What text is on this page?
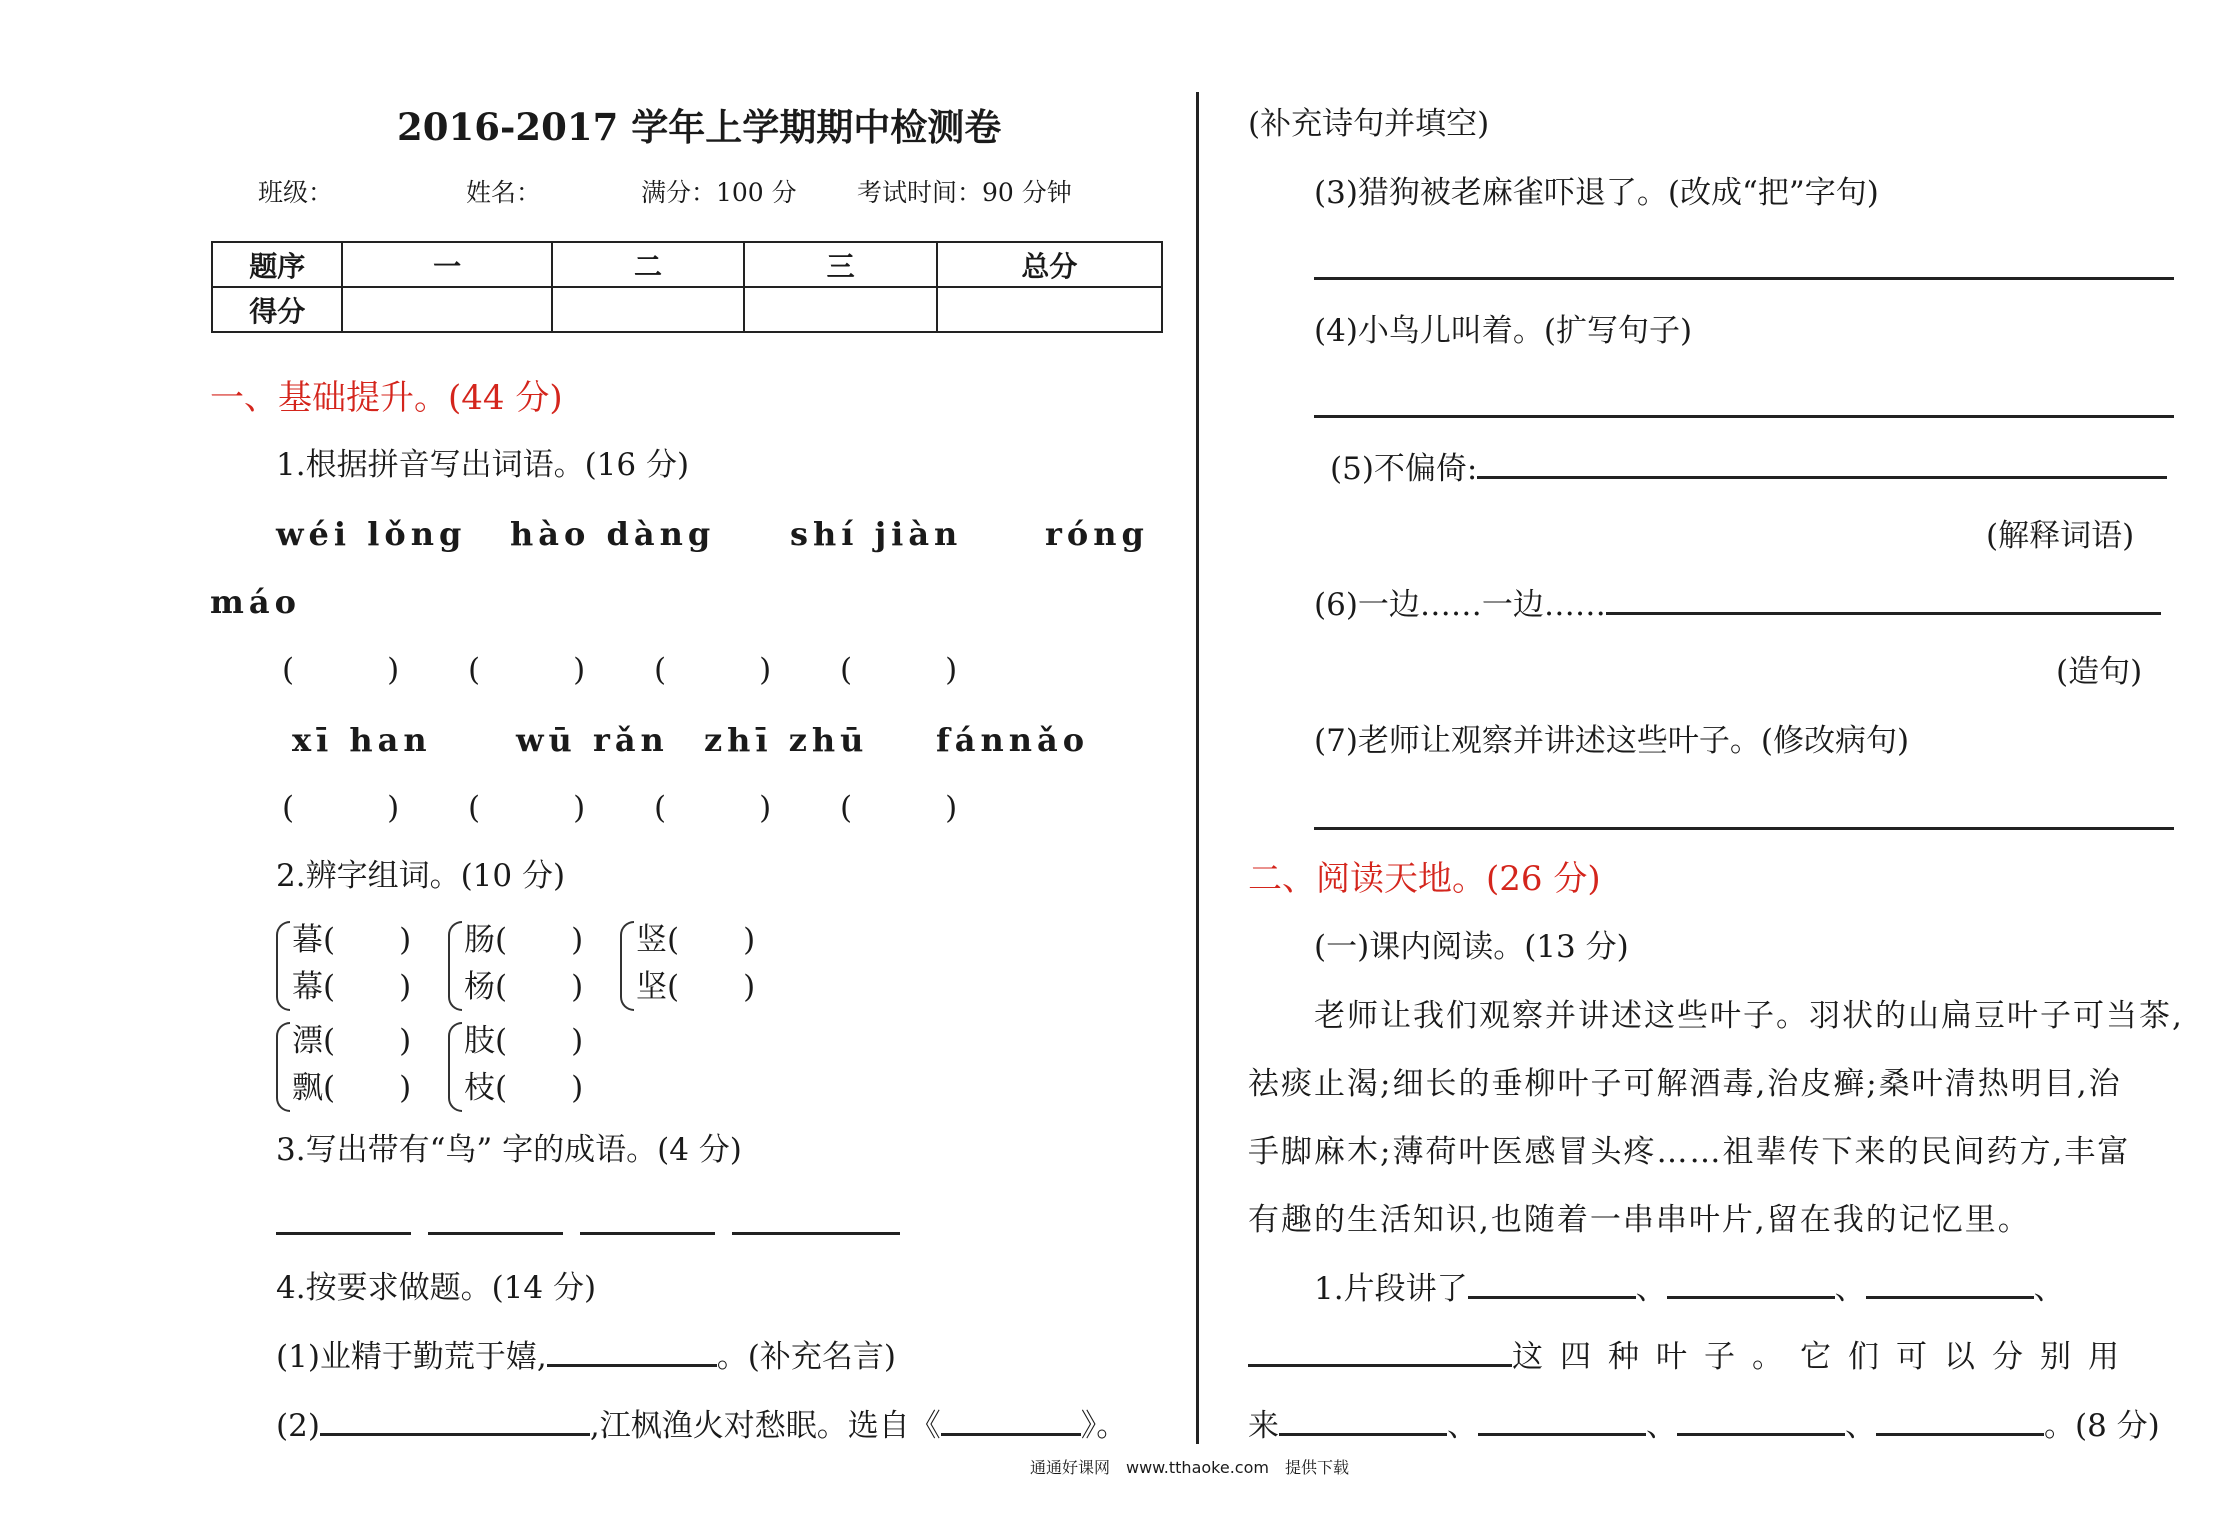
2016-2017 学年上学期期中检测卷
班级：	姓名：	满分：100 分 考试时间：90 分钟
题序	一	二	三	总分
得分				
一、基础提升。(44 分)
1.根据拼音写出词语。(16 分)
wéi lǒng hào dàng shí jiàn	róng
máo
(　　　) (　　　) (　　　) (　　　)
xī han	wū rǎn zhī zhū fánnǎo
(　　　) (　　　) (　　　) (　　　)
2.辨字组词。(10 分)
暮( )
幕( )
肠( )
杨( )
竖( )
坚( )
漂( )
飘( )
肢( )
枝( )
3.写出带有“鸟” 字的成语。(4 分)
4.按要求做题。(14 分)
(1)业精于勤荒于嬉,	。(补充名言)
(2)	,江枫渔火对愁眠。选自《	》。
(补充诗句并填空)
(3)猎狗被老麻雀吓退了。(改成“把”字句)
(4)小鸟儿叫着。(扩写句子)
(5)不偏倚:
(解释词语)
(6)一边……一边……
(造句)
(7)老师让观察并讲述这些叶子。(修改病句)
二、阅读天地。(26 分)
(一)课内阅读。(13 分)
老师让我们观察并讲述这些叶子。羽状的山扁豆叶子可当茶,
祛痰止渴;细长的垂柳叶子可解酒毒,治皮癣;桑叶清热明目,治
手脚麻木;薄荷叶医感冒头疼……祖辈传下来的民间药方,丰富
有趣的生活知识,也随着一串串叶片,留在我的记忆里。
1.片段讲了	、	、	、
这四种叶子。它们可以分别用
来	、	、	、	。(8 分)
通通好课网　www.tthaoke.com　提供下载
